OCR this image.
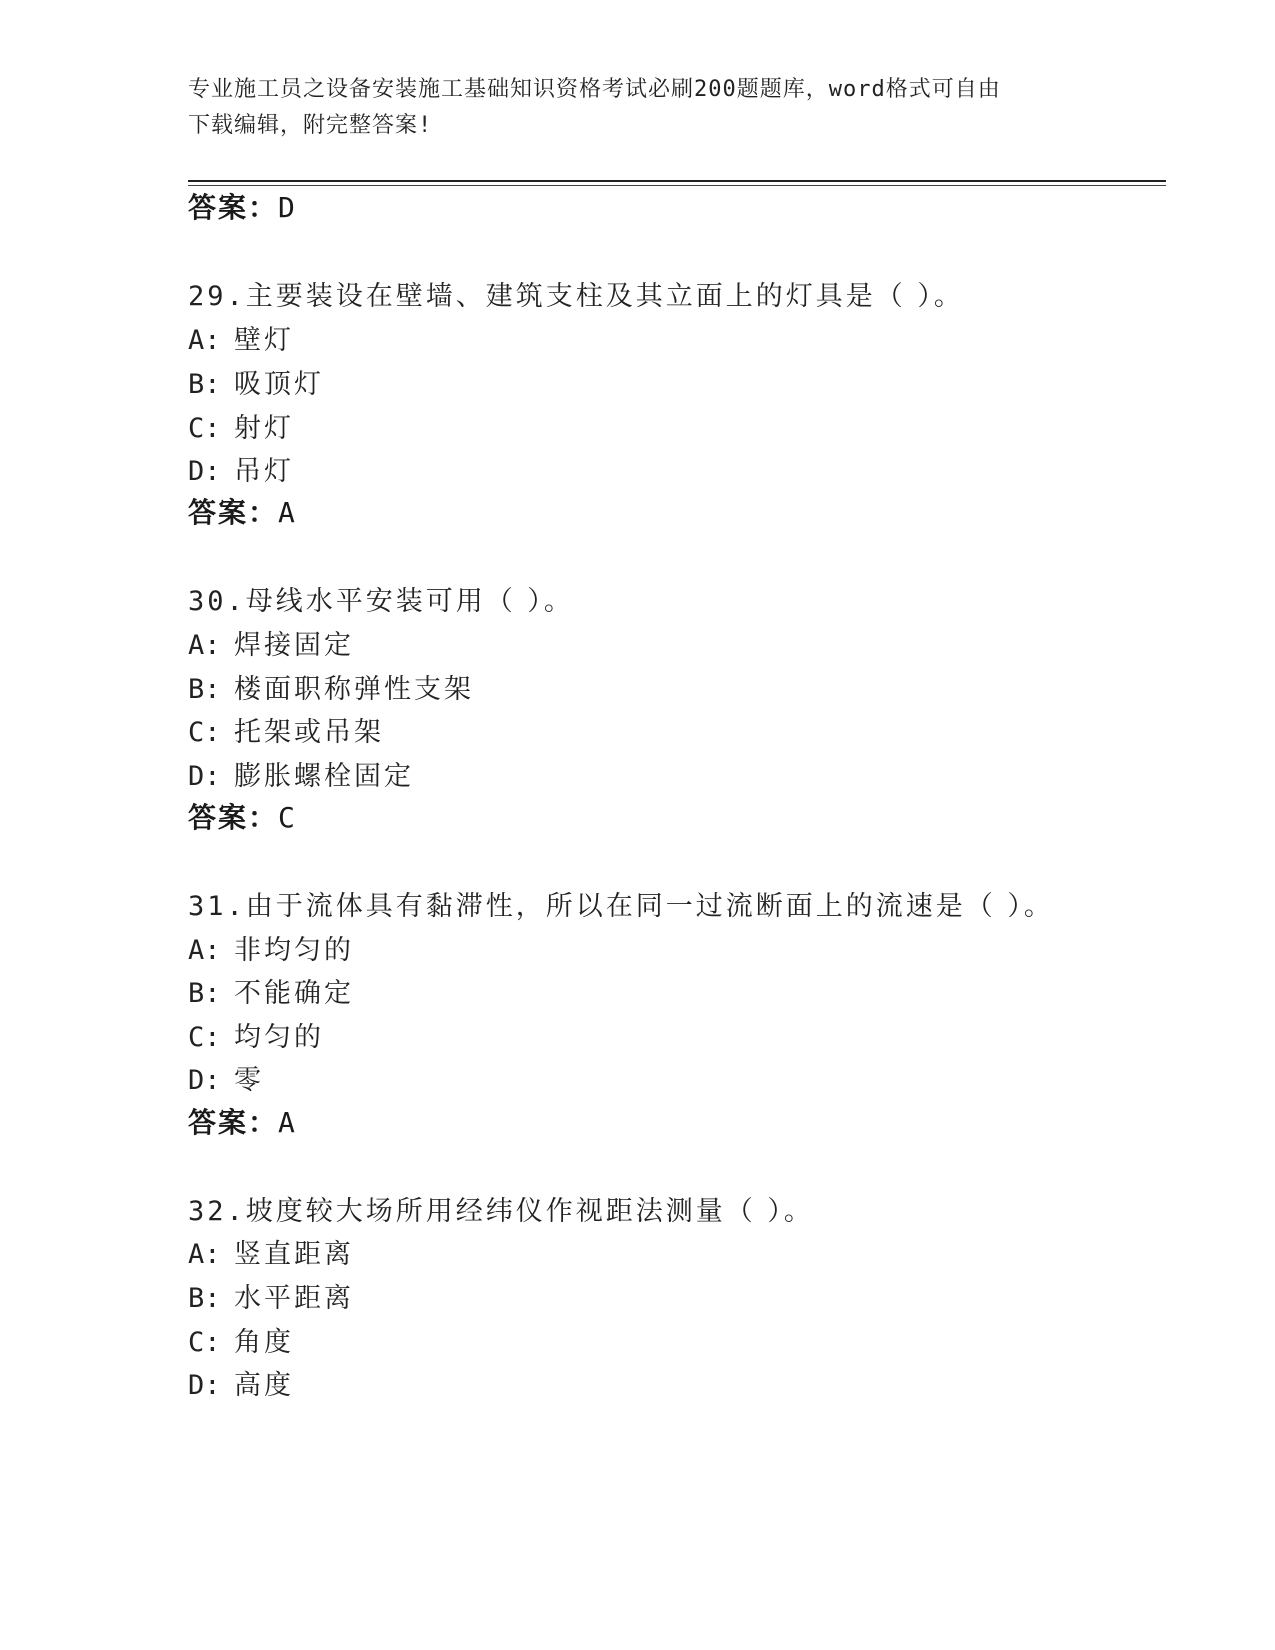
专业施工员之设备安装施工基础知识资格考试必刷200题题库，word格式可自由
下载编辑，附完整答案!
答案：D
29.主要装设在壁墙、建筑支柱及其立面上的灯具是（ ）。
A: 壁灯
B: 吸顶灯
C: 射灯
D: 吊灯
答案：A
30.母线水平安装可用（ ）。
A: 焊接固定
B: 楼面职称弹性支架
C: 托架或吊架
D: 膨胀螺栓固定
答案：C
31.由于流体具有黏滞性，所以在同一过流断面上的流速是（ ）。
A: 非均匀的
B: 不能确定
C: 均匀的
D: 零
答案：A
32.坡度较大场所用经纬仪作视距法测量（ ）。
A: 竖直距离
B: 水平距离
C: 角度
D: 高度
